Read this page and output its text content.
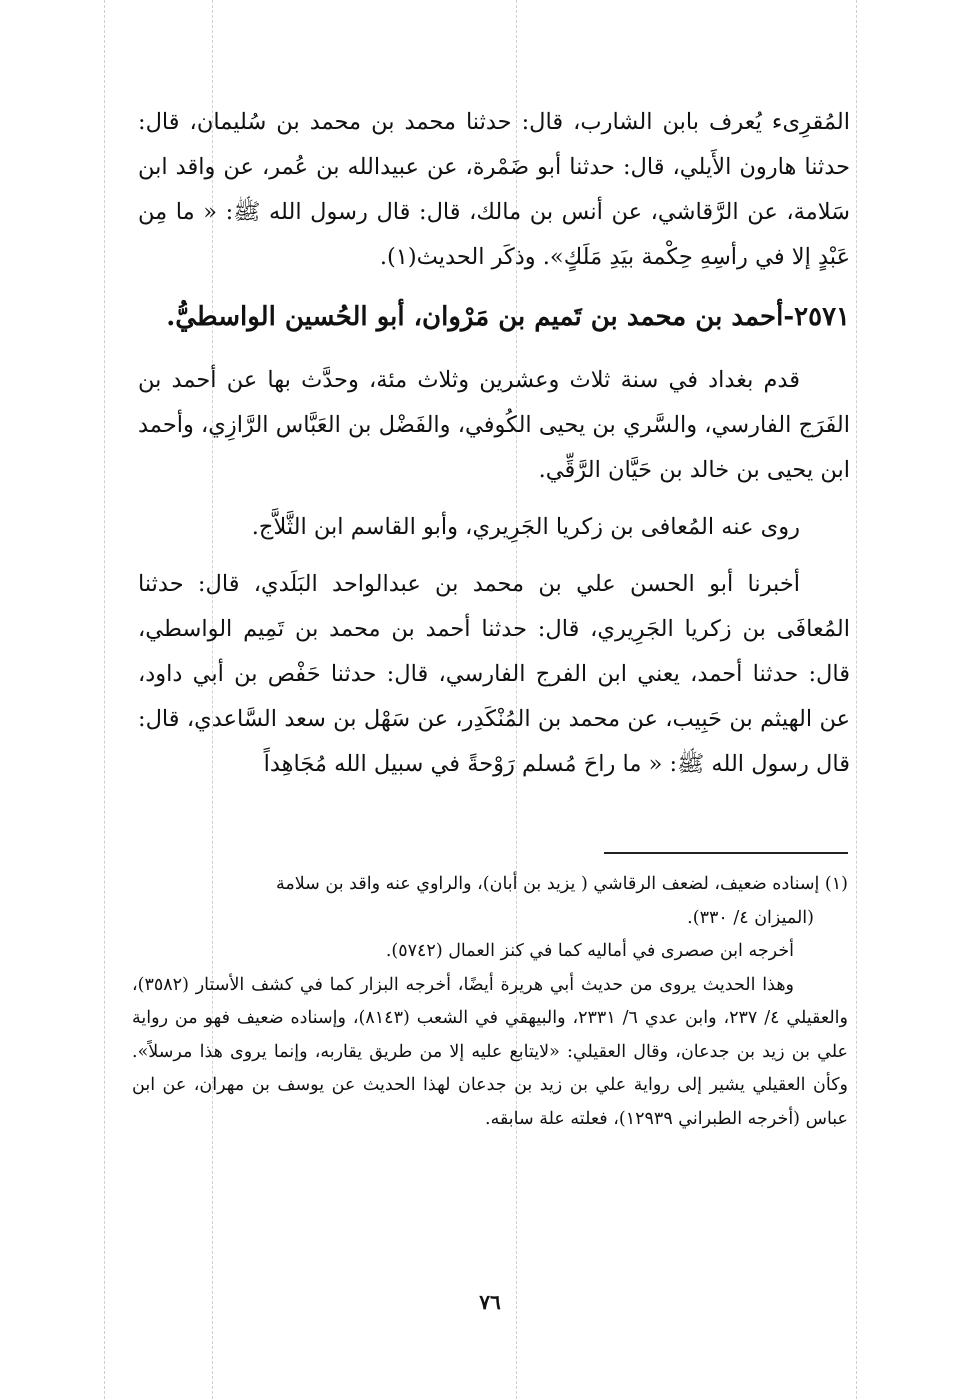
المُقرِىء يُعرف بابن الشارب، قال: حدثنا محمد بن محمد بن سُليمان، قال: حدثنا هارون الأَيلي، قال: حدثنا أبو ضَمْرة، عن عبيدالله بن عُمر، عن واقد ابن سَلامة، عن الرَّقاشي، عن أنس بن مالك، قال: قال رسول الله ﷺ: « ما مِن عَبْدٍ إلا في رأسِهِ حِكْمة بيَدِ مَلَكٍ». وذكَر الحديث(١).

٢٥٧١-أحمد بن محمد بن تَميم بن مَرْوان، أبو الحُسين الواسطيُّ.

قدم بغداد في سنة ثلاث وعشرين وثلاث مئة، وحدَّث بها عن أحمد بن الفَرَج الفارسي، والسَّري بن يحيى الكُوفي، والفَضْل بن العَبَّاس الرَّازِي، وأحمد ابن يحيى بن خالد بن حَيَّان الرَّقِّي.

روى عنه المُعافى بن زكريا الجَرِيري، وأبو القاسم ابن الثَّلاَّج.

أخبرنا أبو الحسن علي بن محمد بن عبدالواحد البَلَدي، قال: حدثنا المُعافَى بن زكريا الجَرِيري، قال: حدثنا أحمد بن محمد بن تَمِيم الواسطي، قال: حدثنا أحمد، يعني ابن الفرج الفارسي، قال: حدثنا حَفْص بن أبي داود، عن الهيثم بن حَبِيب، عن محمد بن المُنْكَدِر، عن سَهْل بن سعد السَّاعدي، قال: قال رسول الله ﷺ: « ما راحَ مُسلم رَوْحةً في سبيل الله مُجَاهِداً

(١) إسناده ضعيف، لضعف الرقاشي ( يزيد بن أبان)، والراوي عنه واقد بن سلامة

(الميزان ٤/ ٣٣٠).

أخرجه ابن صصرى في أماليه كما في كنز العمال (٥٧٤٢).

وهذا الحديث يروى من حديث أبي هريرة أيضًا، أخرجه البزار كما في كشف الأستار (٣٥٨٢)، والعقيلي ٤/ ٢٣٧، وابن عدي ٦/ ٢٣٣١، والبيهقي في الشعب (٨١٤٣)، وإسناده ضعيف فهو من رواية علي بن زيد بن جدعان، وقال العقيلي: «لايتابع عليه إلا من طريق يقاربه، وإنما يروى هذا مرسلاً». وكأن العقيلي يشير إلى رواية علي بن زيد بن جدعان لهذا الحديث عن يوسف بن مهران، عن ابن عباس (أخرجه الطبراني ١٢٩٣٩)، فعلته علة سابقه.

٧٦
